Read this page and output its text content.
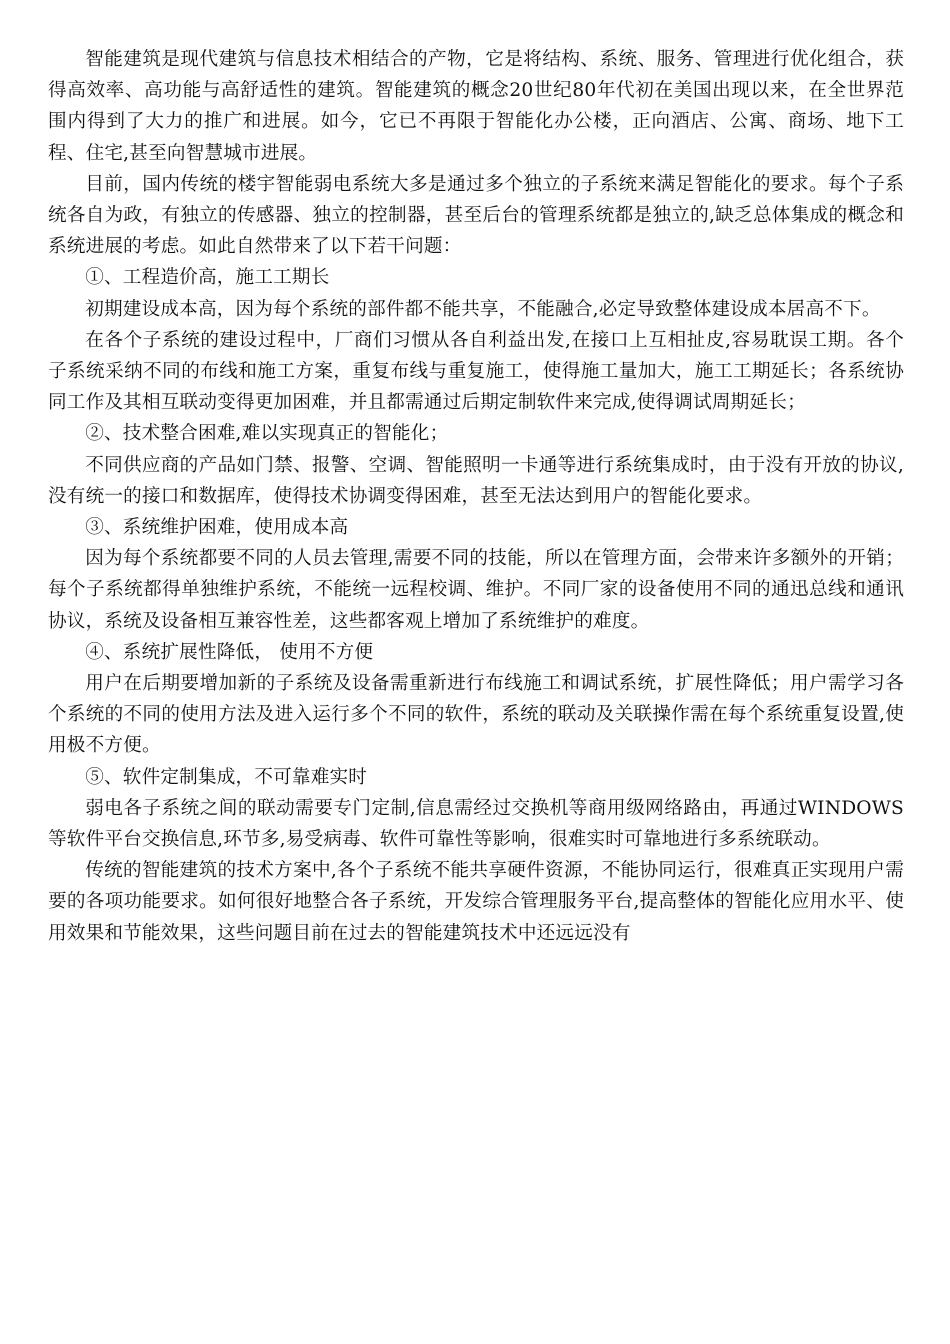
智能建筑是现代建筑与信息技术相结合的产物，它是将结构、系统、服务、管理进行优化组合，获得高效率、高功能与高舒适性的建筑。智能建筑的概念20世纪80年代初在美国出现以来，在全世界范围内得到了大力的推广和进展。如今，它已不再限于智能化办公楼，正向酒店、公寓、商场、地下工程、住宅,甚至向智慧城市进展。

目前，国内传统的楼宇智能弱电系统大多是通过多个独立的子系统来满足智能化的要求。每个子系统各自为政，有独立的传感器、独立的控制器，甚至后台的管理系统都是独立的,缺乏总体集成的概念和系统进展的考虑。如此自然带来了以下若干问题：

①、工程造价高，施工工期长

初期建设成本高，因为每个系统的部件都不能共享，不能融合,必定导致整体建设成本居高不下。

在各个子系统的建设过程中，厂商们习惯从各自利益出发,在接口上互相扯皮,容易耽误工期。各个子系统采纳不同的布线和施工方案，重复布线与重复施工，使得施工量加大，施工工期延长；各系统协同工作及其相互联动变得更加困难，并且都需通过后期定制软件来完成,使得调试周期延长；

②、技术整合困难,难以实现真正的智能化；

不同供应商的产品如门禁、报警、空调、智能照明一卡通等进行系统集成时，由于没有开放的协议,没有统一的接口和数据库，使得技术协调变得困难，甚至无法达到用户的智能化要求。

③、系统维护困难，使用成本高

因为每个系统都要不同的人员去管理,需要不同的技能，所以在管理方面，会带来许多额外的开销；每个子系统都得单独维护系统，不能统一远程校调、维护。不同厂家的设备使用不同的通迅总线和通讯协议，系统及设备相互兼容性差，这些都客观上增加了系统维护的难度。

④、系统扩展性降低， 使用不方便

用户在后期要增加新的子系统及设备需重新进行布线施工和调试系统，扩展性降低；用户需学习各个系统的不同的使用方法及进入运行多个不同的软件，系统的联动及关联操作需在每个系统重复设置,使用极不方便。

⑤、软件定制集成，不可靠难实时

弱电各子系统之间的联动需要专门定制,信息需经过交换机等商用级网络路由，再通过WINDOWS等软件平台交换信息,环节多,易受病毒、软件可靠性等影响，很难实时可靠地进行多系统联动。

传统的智能建筑的技术方案中,各个子系统不能共享硬件资源，不能协同运行，很难真正实现用户需要的各项功能要求。如何很好地整合各子系统，开发综合管理服务平台,提高整体的智能化应用水平、使用效果和节能效果，这些问题目前在过去的智能建筑技术中还远远没有
